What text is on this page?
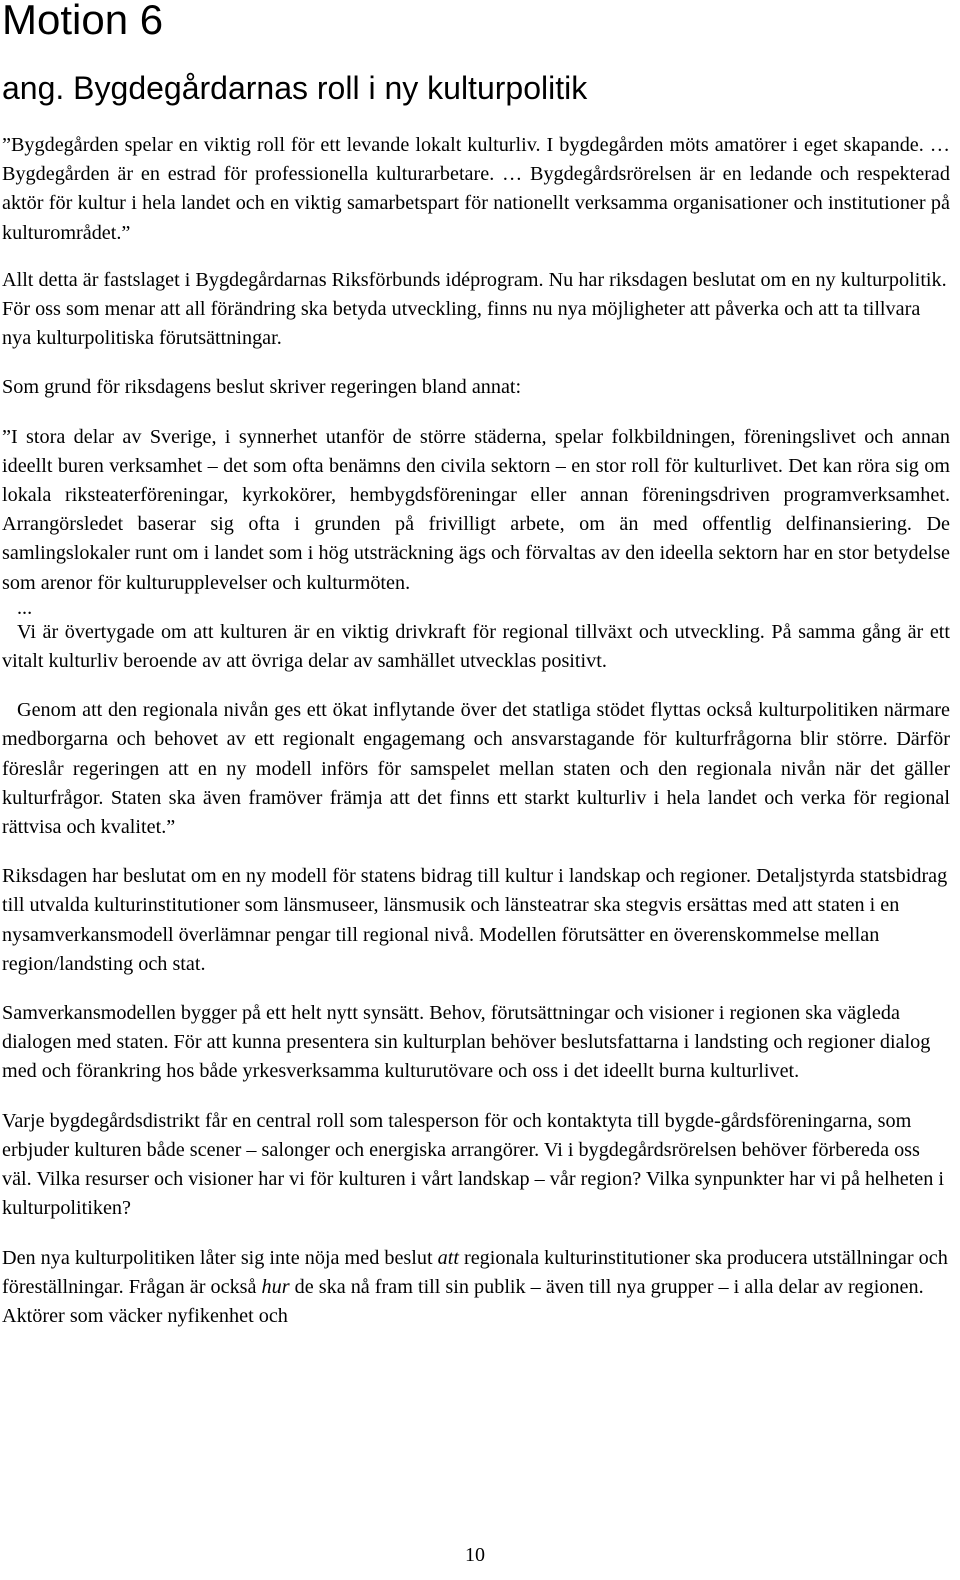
Motion 6
ang. Bygdegårdarnas roll i ny kulturpolitik

”Bygdegården spelar en viktig roll för ett levande lokalt kulturliv. I bygdegården möts amatörer i eget skapande. … Bygdegården är en estrad för professionella kulturarbetare. … Bygdegårdsrörelsen är en ledande och respekterad aktör för kultur i hela landet och en viktig samarbetspart för nationellt verksamma organisationer och institutioner på kulturområdet.”

Allt detta är fastslaget i Bygdegårdarnas Riksförbunds idéprogram. Nu har riksdagen beslutat om en ny kulturpolitik. För oss som menar att all förändring ska betyda utveckling, finns nu nya möjligheter att påverka och att ta tillvara nya kulturpolitiska förutsättningar.

Som grund för riksdagens beslut skriver regeringen bland annat:

”I stora delar av Sverige, i synnerhet utanför de större städerna, spelar folkbildningen, föreningslivet och annan ideellt buren verksamhet – det som ofta benämns den civila sektorn – en stor roll för kulturlivet. Det kan röra sig om lokala riksteaterföreningar, kyrkokörer, hembygdsföreningar eller annan föreningsdriven programverksamhet. Arrangörsledet baserar sig ofta i grunden på frivilligt arbete, om än med offentlig delfinansiering. De samlingslokaler runt om i landet som i hög utsträckning ägs och förvaltas av den ideella sektorn har en stor betydelse som arenor för kulturupplevelser och kulturmöten.

...

Vi är övertygade om att kulturen är en viktig drivkraft för regional tillväxt och utveckling. På samma gång är ett vitalt kulturliv beroende av att övriga delar av samhället utvecklas positivt.

Genom att den regionala nivån ges ett ökat inflytande över det statliga stödet flyttas också kulturpolitiken närmare medborgarna och behovet av ett regionalt engagemang och ansvarstagande för kulturfrågorna blir större. Därför föreslår regeringen att en ny modell införs för samspelet mellan staten och den regionala nivån när det gäller kulturfrågor. Staten ska även framöver främja att det finns ett starkt kulturliv i hela landet och verka för regional rättvisa och kvalitet.”

Riksdagen har beslutat om en ny modell för statens bidrag till kultur i landskap och regioner. Detaljstyrda statsbidrag till utvalda kulturinstitutioner som länsmuseer, länsmusik och länsteatrar ska stegvis ersättas med att staten i en nysamverkansmodell överlämnar pengar till regional nivå. Modellen förutsätter en överenskommelse mellan region/landsting och stat.

Samverkansmodellen bygger på ett helt nytt synsätt. Behov, förutsättningar och visioner i regionen ska vägleda dialogen med staten. För att kunna presentera sin kulturplan behöver beslutsfattarna i landsting och regioner dialog med och förankring hos både yrkesverksamma kulturutövare och oss i det ideellt burna kulturlivet.

Varje bygdegårdsdistrikt får en central roll som talesperson för och kontaktyta till bygde-gårdsföreningarna, som erbjuder kulturen både scener – salonger och energiska arrangörer. Vi i bygdegårdsrörelsen behöver förbereda oss väl. Vilka resurser och visioner har vi för kulturen i vårt landskap – vår region? Vilka synpunkter har vi på helheten i kulturpolitiken?

Den nya kulturpolitiken låter sig inte nöja med beslut att regionala kulturinstitutioner ska producera utställningar och föreställningar. Frågan är också hur de ska nå fram till sin publik – även till nya grupper – i alla delar av regionen. Aktörer som väcker nyfikenhet och

10
